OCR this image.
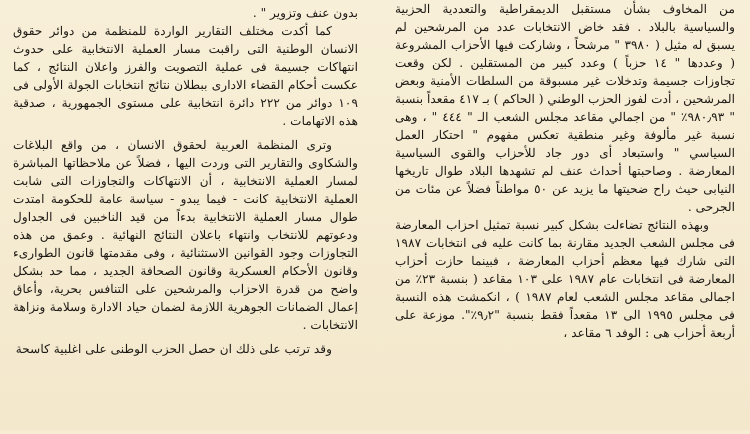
من المخاوف بشأن مستقبل الديمقراطية والتعددية الحزبية والسياسية بالبلاد . فقد خاض الانتخابات عدد من المرشحين لم يسبق له مثيل ( ٣٩٨٠ " مرشحاً ، وشاركت فيها الأحزاب المشروعة ( وعددها " ١٤ حزباً ) وعدد كبير من المستقلين . لكن وقعت تجاوزات جسيمة وتدخلات غير مسبوقة من السلطات الأمنية وبعض المرشحين ، أدت لفوز الحزب الوطني ( الحاكم ) بـ ٤١٧ مقعداً بنسبة " ٩٨٠٫٩٣٪ " من اجمالي مقاعد مجلس الشعب الـ " ٤٤٤ " ، وهى نسبة غير مألوفة وغير منطقية تعكس مفهوم " احتكار العمل السياسي " واستبعاد أى دور جاد للأحزاب والقوى السياسية المعارضة . وصاحبتها أحداث عنف لم تشهدها البلاد طوال تاريخها النيابى حيث راح ضحيتها ما يزيد عن ٥٠ مواطناً فضلاً عن مئات من الجرحى .

وبهذه النتائج تضاءلت بشكل كبير نسبة تمثيل احزاب المعارضة فى مجلس الشعب الجديد مقارنة بما كانت عليه فى انتخابات ١٩٨٧ التى شارك فيها معظم أحزاب المعارضة ، فبينما حازت أحزاب المعارضة فى انتخابات عام ١٩٨٧ على ١٠٣ مقاعد ( بنسبة ٢٣٪ من اجمالى مقاعد مجلس الشعب لعام ١٩٨٧ ) ، انكمشت هذه النسبة فى مجلس ١٩٩٥ الى ١٣ مقعداً فقط بنسبة "٩٫٢٪". موزعة على أربعة أحزاب هى : الوفد ٦ مقاعد ،

بدون عنف وتزوير " .

كما أكدت مختلف التقارير الواردة للمنظمة من دوائر حقوق الانسان الوطنية التى راقبت مسار العملية الانتخابية على حدوث انتهاكات جسيمة فى عملية التصويت والفرز واعلان النتائج ، كما عكست أحكام القضاء الادارى ببطلان نتائج انتخابات الجولة الأولى فى ١٠٩ دوائر من ٢٢٢ دائرة انتخابية على مستوى الجمهورية ، صدقية هذه الاتهامات .

وترى المنظمة العربية لحقوق الانسان ، من واقع البلاغات والشكاوى والتقارير التى وردت اليها ، فضلاً عن ملاحظاتها المباشرة لمسار العملية الانتخابية ، أن الانتهاكات والتجاوزات التى شابت العملية الانتخابية كانت - فيما يبدو - سياسة عامة للحكومة امتدت طوال مسار العملية الانتخابية بدءاً من قيد الناخبين فى الجداول ودعوتهم للانتخاب وانتهاء باعلان النتائج النهائية . وعمق من هذه التجاوزات وجود القوانين الاستثنائية ، وفى مقدمتها قانون الطوارىء وقانون الأحكام العسكرية وقانون الصحافة الجديد ، مما حد بشكل واضح من قدرة الاحزاب والمرشحين على التنافس بحرية، وأعاق إعمال الضمانات الجوهرية اللازمة لضمان حياد الادارة وسلامة ونزاهة الانتخابات .

وقد ترتب على ذلك ان حصل الحزب الوطنى على اغلبية كاسحة
